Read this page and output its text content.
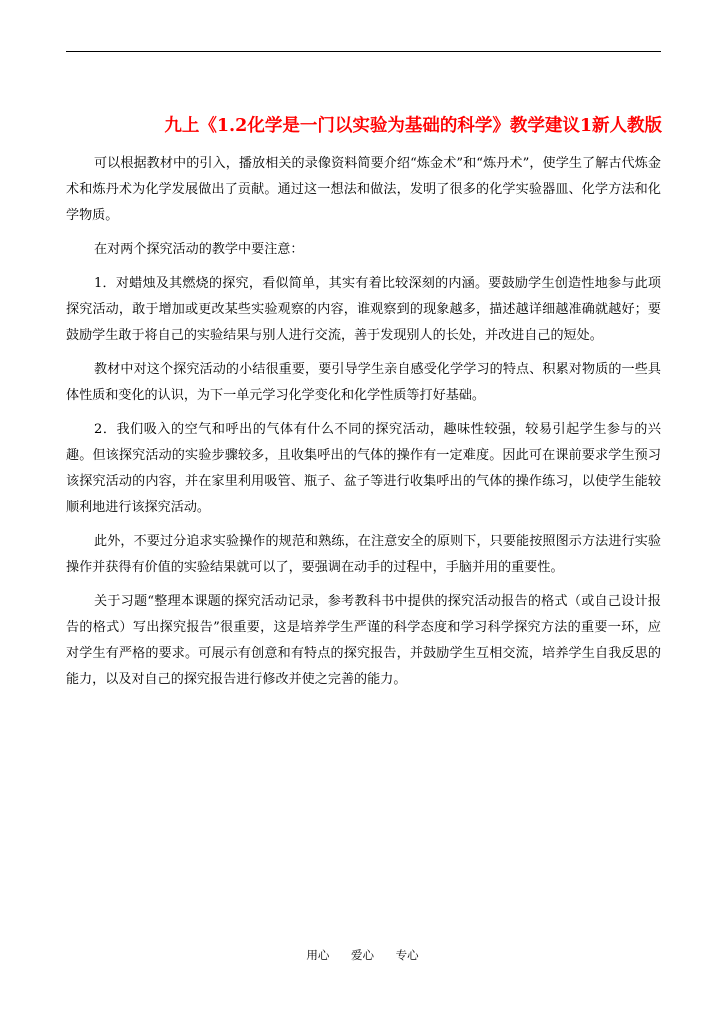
九上《1.2化学是一门以实验为基础的科学》教学建议1新人教版

可以根据教材中的引入，播放相关的录像资料简要介绍“炼金术”和“炼丹术”，使学生了解古代炼金术和炼丹术为化学发展做出了贡献。通过这一想法和做法，发明了很多的化学实验器皿、化学方法和化学物质。

在对两个探究活动的教学中要注意：

1．对蜡烛及其燃烧的探究，看似简单，其实有着比较深刻的内涵。要鼓励学生创造性地参与此项探究活动，敢于增加或更改某些实验观察的内容，谁观察到的现象越多，描述越详细越准确就越好；要鼓励学生敢于将自己的实验结果与别人进行交流，善于发现别人的长处，并改进自己的短处。

教材中对这个探究活动的小结很重要，要引导学生亲自感受化学学习的特点、积累对物质的一些具体性质和变化的认识，为下一单元学习化学变化和化学性质等打好基础。

2．我们吸入的空气和呼出的气体有什么不同的探究活动，趣味性较强，较易引起学生参与的兴趣。但该探究活动的实验步骤较多，且收集呼出的气体的操作有一定难度。因此可在课前要求学生预习该探究活动的内容，并在家里利用吸管、瓶子、盆子等进行收集呼出的气体的操作练习，以使学生能较顺利地进行该探究活动。

此外，不要过分追求实验操作的规范和熟练，在注意安全的原则下，只要能按照图示方法进行实验操作并获得有价值的实验结果就可以了，要强调在动手的过程中，手脑并用的重要性。

关于习题“整理本课题的探究活动记录，参考教科书中提供的探究活动报告的格式（或自己设计报告的格式）写出探究报告”很重要，这是培养学生严谨的科学态度和学习科学探究方法的重要一环，应对学生有严格的要求。可展示有创意和有特点的探究报告，并鼓励学生互相交流，培养学生自我反思的能力，以及对自己的探究报告进行修改并使之完善的能力。

用心 爱心 专心
